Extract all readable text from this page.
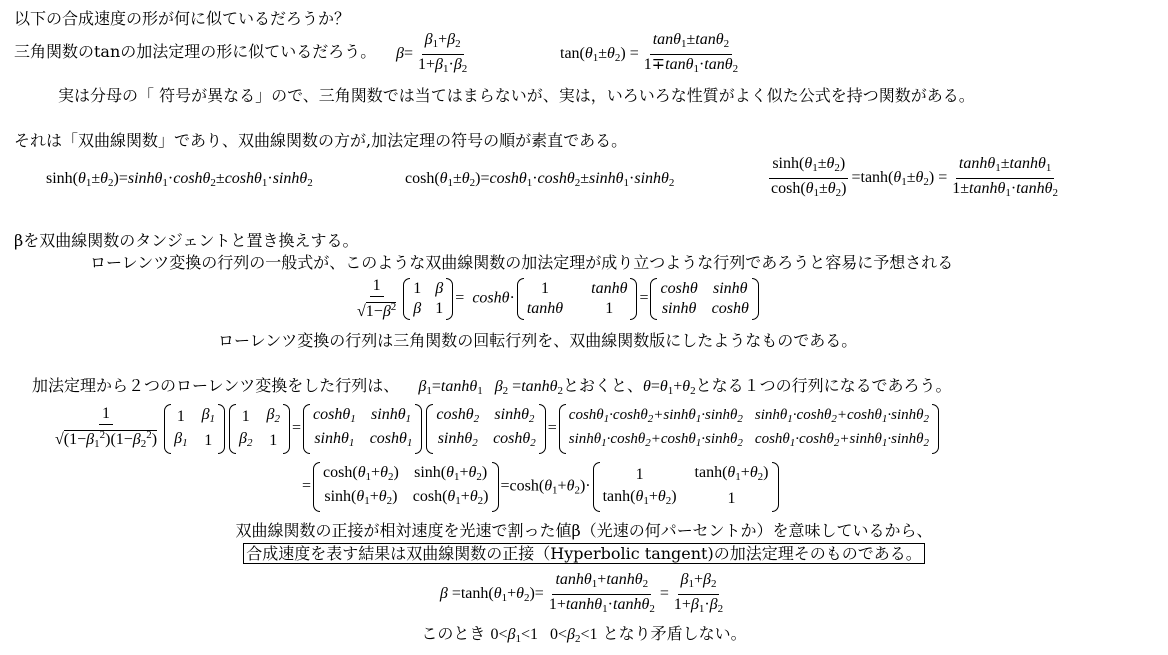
以下の合成速度の形が何に似ているだろうか？
三角関数のtanの加法定理の形に似ているだろう。 $\beta= \frac{\beta_1+\beta_2}{1+\beta_1\cdot\beta_2}$	$\tan(\theta_1\pm\theta_2) = \frac{\tan\theta_1\pm\tan\theta_2}{1\mp\tan\theta_1\cdot\tan\theta_2}$
実は分母の「 符号が異なる」ので、三角関数では当てはまらないが、実は，いろいろな性質がよく似た公式を持つ関数がある。
それは「双曲線関数」であり、双曲線関数の方が,加法定理の符号の順が素直である。
$\sinh(\theta_1\pm\theta_2)=\sinh\theta_1\cdot\cosh\theta_2\pm\cosh\theta_1\cdot\sinh\theta_2$	$\cosh(\theta_1\pm\theta_2)=\cosh\theta_1\cdot\cosh\theta_2\pm\sinh\theta_1\cdot\sinh\theta_2$	$\frac{\sinh(\theta_1\pm\theta_2)}{\cosh(\theta_1\pm\theta_2)} =\tanh(\theta_1\pm\theta_2) = \frac{\tanh\theta_1\pm\tanh\theta_1}{1\pm\tanh\theta_1\cdot\tanh\theta_2}$
βを双曲線関数のタンジェントと置き換えする。
ローレンツ変換の行列の一般式が、このような双曲線関数の加法定理が成り立つような行列であろうと容易に予想される
$\frac{1}{√1-\beta^2} 1$ β
β 1
=  coshθ·
1	tanhθ
tanhθ	1
=
coshθ sinhθ
sinhθ coshθ
ローレンツ変換の行列は三角関数の回転行列を、双曲線関数版にしたようなものである。
加法定理から２つのローレンツ変換をした行列は、 $\beta_1=\tanh\theta_1$ $\beta_2 =\tanh\theta_2$とおくと、$\theta=\theta_1+\theta_2$となる１つの行列になるであろう。
$\frac{1}{√(1-\beta_1^2)(1-\beta_2^2)} 1$ $\beta_1$
$\beta_1$ 1
1 $\beta_2$
$\beta_2$ 1
=
coshθ$_1$ sinhθ$_1$
sinhθ$_1$ coshθ$_1$
coshθ$_2$ sinhθ$_2$
sinhθ$_2$ coshθ$_2$
=
coshθ$_1$·coshθ$_2$+sinhθ$_1$·sinhθ$_2$ sinhθ$_1$·coshθ$_2$+coshθ$_1$·sinhθ$_2$
sinhθ$_1$·coshθ$_2$+coshθ$_1$·sinhθ$_2$ coshθ$_1$·coshθ$_2$+sinhθ$_1$·sinhθ$_2$
=
$\cosh(\theta_1+\theta_2)$ $\sinh(\theta_1+\theta_2)$
$\sinh(\theta_1+\theta_2)$ $\cosh(\theta_1+\theta_2)$
$=\cosh(\theta_1+\theta_2)\cdot$
1	$\tanh(\theta_1+\theta_2)$
$\tanh(\theta_1+\theta_2)$	1
双曲線関数の正接が相対速度を光速で割った値β（光速の何パーセントか）を意味しているから、
合成速度を表す結果は双曲線関数の正接（Hyperbolic tangent)の加法定理そのものである。
$\beta =\tanh(\theta_1+\theta_2)= \frac{\tanh\theta_1+\tanh\theta_2}{1+\tanh\theta_1\cdot\tanh\theta_2} = \frac{\beta_1+\beta_2}{1+\beta_1\cdot\beta_2}$
このとき $0<\beta_1<1$   $0<\beta_2<1$ となり矛盾しない。
